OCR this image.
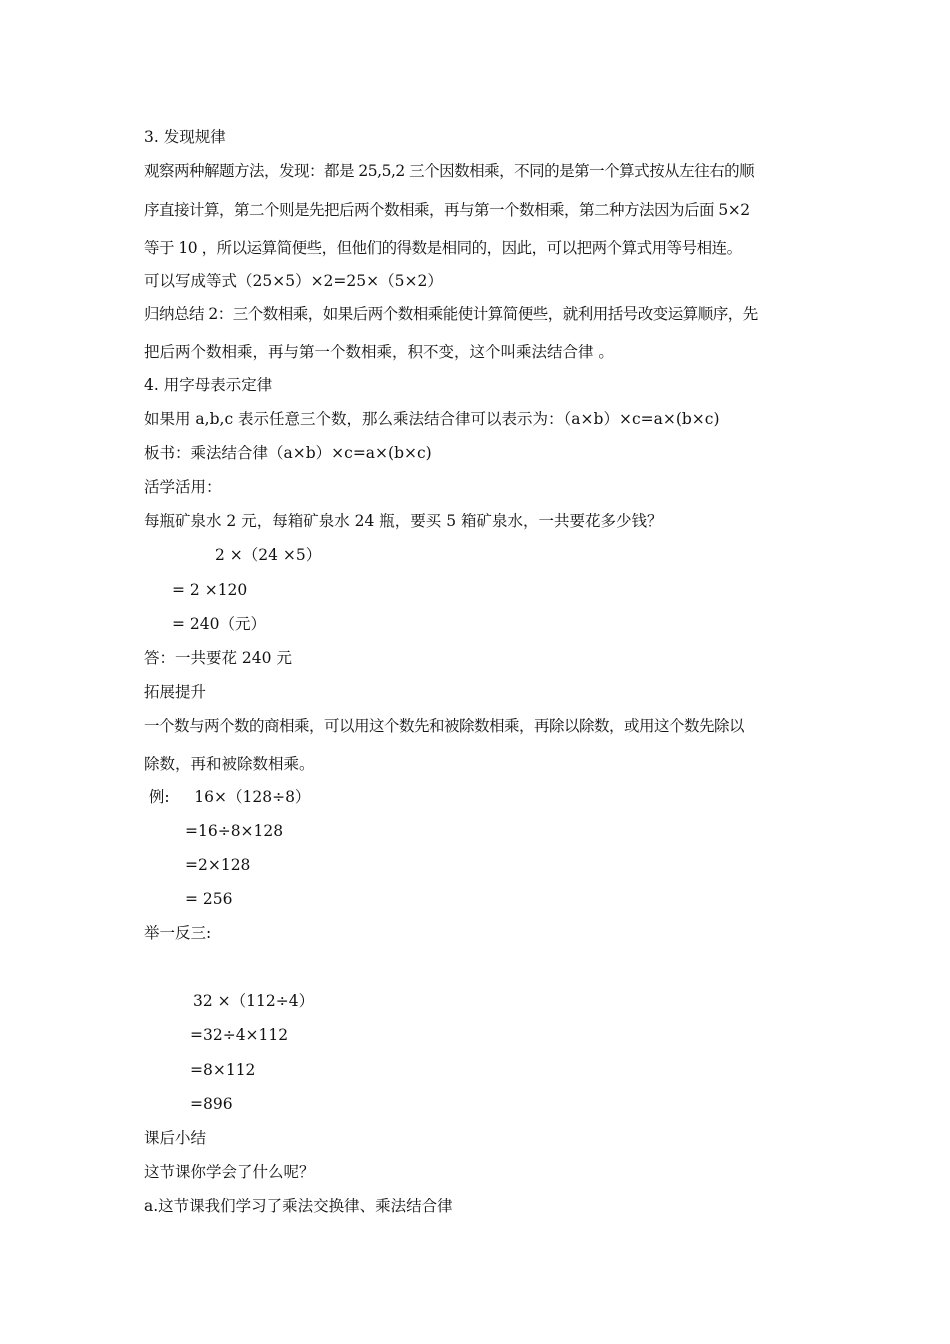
3. 发现规律
观察两种解题方法，发现：都是 25,5,2 三个因数相乘，不同的是第一个算式按从左往右的顺
序直接计算，第二个则是先把后两个数相乘，再与第一个数相乘，第二种方法因为后面 5×2
等于 10 ，所以运算简便些，但他们的得数是相同的，因此，可以把两个算式用等号相连。
可以写成等式（25×5）×2=25×（5×2）
归纳总结 2：三个数相乘，如果后两个数相乘能使计算简便些，就利用括号改变运算顺序，先
把后两个数相乘，再与第一个数相乘，积不变，这个叫乘法结合律 。
4. 用字母表示定律
如果用 a,b,c 表示任意三个数，那么乘法结合律可以表示为：（a×b）×c=a×(b×c)
板书：乘法结合律（a×b）×c=a×(b×c)
活学活用：
每瓶矿泉水 2 元，每箱矿泉水 24 瓶，要买 5 箱矿泉水，一共要花多少钱？
2 ×（24 ×5）
= 2 ×120
= 240（元）
答：一共要花 240 元
拓展提升
一个数与两个数的商相乘，可以用这个数先和被除数相乘，再除以除数，或用这个数先除以
除数，再和被除数相乘。
例:     16×（128÷8）
=16÷8×128
=2×128
= 256
举一反三:
32 ×（112÷4）
=32÷4×112
=8×112
=896
课后小结
这节课你学会了什么呢？
a.这节课我们学习了乘法交换律、乘法结合律
